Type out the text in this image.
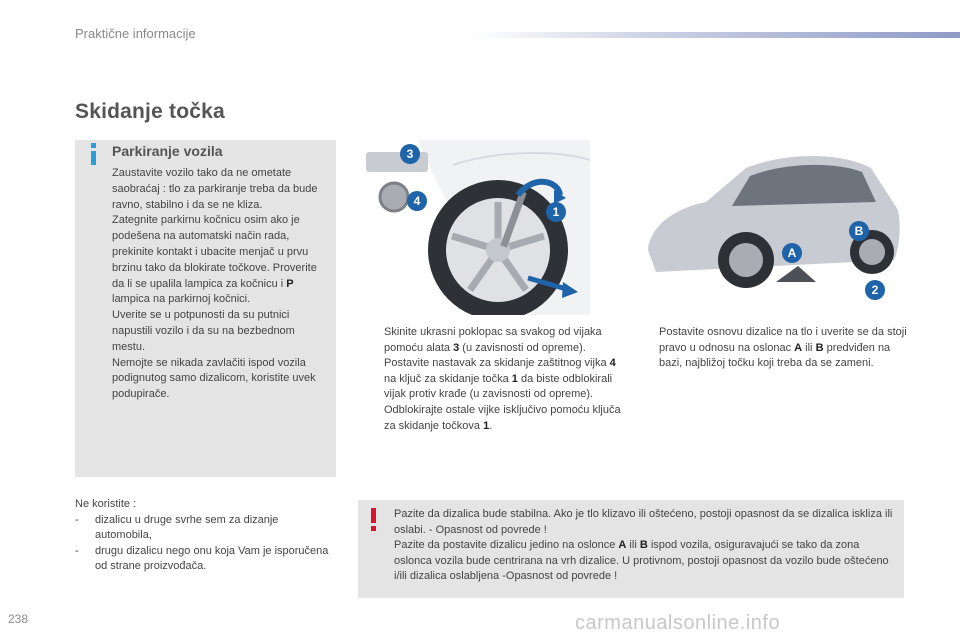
Praktične informacije
Skidanje točka
Parkiranje vozila
Zaustavite vozilo tako da ne ometate saobraćaj : tlo za parkiranje treba da bude ravno, stabilno i da se ne kliza.
Zategnite parkirnu kočnicu osim ako je podešena na automatski način rada, prekinite kontakt i ubacite menjač u prvu brzinu tako da blokirate točkove. Proverite da li se upalila lampica za kočnicu i P lampica na parkirnoj kočnici.
Uverite se u potpunosti da su putnici napustili vozilo i da su na bezbednom mestu.
Nemojte se nikada zavlačiti ispod vozila podignutog samo dizalicom, koristite uvek podupirače.
Ne koristite :
- dizalicu u druge svrhe sem za dizanje automobila,
- drugu dizalicu nego onu koja Vam je isporučena od strane proizvođača.
3
4
1
A
B
2
Skinite ukrasni poklopac sa svakog od vijaka pomoću alata 3 (u zavisnosti od opreme).
Postavite nastavak za skidanje zaštitnog vijka 4 na ključ za skidanje točka 1 da biste odblokirali vijak protiv krađe (u zavisnosti od opreme).
Odblokirajte ostale vijke isključivo pomoću ključa za skidanje točkova 1.
Postavite osnovu dizalice na tlo i uverite se da stoji pravo u odnosu na oslonac A ili B predviđen na bazi, najbližoj točku koji treba da se zameni.
Pazite da dizalica bude stabilna. Ako je tlo klizavo ili oštećeno, postoji opasnost da se dizalica iskliza ili oslabi. - Opasnost od povrede !
Pazite da postavite dizalicu jedino na oslonce A ili B ispod vozila, osiguravajući se tako da zona oslonca vozila bude centrirana na vrh dizalice. U protivnom, postoji opasnost da vozilo bude oštećeno i/ili dizalica oslabljena -Opasnost od povrede !
238	carmanualsonline.info
